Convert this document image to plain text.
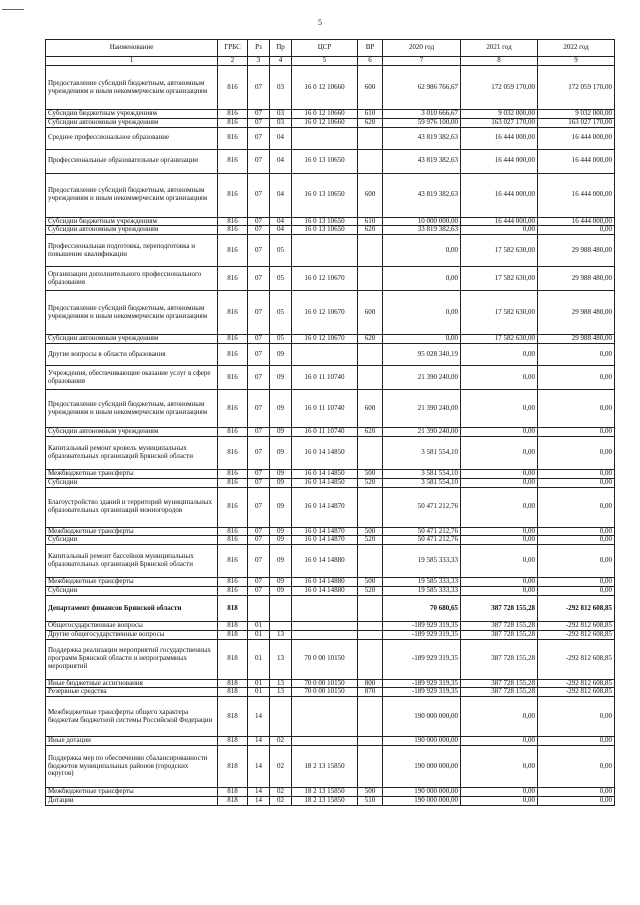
5
Наименование	ГРБС	Рз	Пр	ЦСР	ВР	2020 год	2021 год	2022 год
1	2	3	4	5	6	7	8	9
Предоставление субсидий бюджетным, автономным учреждениям и иным некоммерческим организациям	816	07	03	16 0 12 10660	600	62 986 766,67	172 059 170,00	172 059 170,00
Субсидии бюджетным учреждениям	816	07	03	16 0 12 10660	610	3 010 666,67	9 032 000,00	9 032 000,00
Субсидии автономным учреждениям	816	07	03	16 0 12 10660	620	59 976 100,00	163 027 170,00	163 027 170,00
Среднее профессиональное образование	816	07	04			43 819 382,63	16 444 000,00	16 444 000,00
Профессиональные образовательные организации	816	07	04	16 0 13 10650		43 819 382,63	16 444 000,00	16 444 000,00
Предоставление субсидий бюджетным, автономным учреждениям и иным некоммерческим организациям	816	07	04	16 0 13 10650	600	43 819 382,63	16 444 000,00	16 444 000,00
Субсидии бюджетным учреждениям	816	07	04	16 0 13 10650	610	10 000 000,00	16 444 000,00	16 444 000,00
Субсидии автономным учреждениям	816	07	04	16 0 13 10650	620	33 819 382,63	0,00	0,00
Профессиональная подготовка, переподготовка и повышение квалификации	816	07	05			0,00	17 582 630,00	29 988 480,00
Организации дополнительного профессионального образования	816	07	05	16 0 12 10670		0,00	17 582 630,00	29 988 480,00
Предоставление субсидий бюджетным, автономным учреждениям и иным некоммерческим организациям	816	07	05	16 0 12 10670	600	0,00	17 582 630,00	29 988 480,00
Субсидии автономным учреждениям	816	07	05	16 0 12 10670	620	0,00	17 582 630,00	29 988 480,00
Другие вопросы в области образования	816	07	09			95 028 340,19	0,00	0,00
Учреждения, обеспечивающие оказание услуг в сфере образования	816	07	09	16 0 11 10740		21 390 240,00	0,00	0,00
Предоставление субсидий бюджетным, автономным учреждениям и иным некоммерческим организациям	816	07	09	16 0 11 10740	600	21 390 240,00	0,00	0,00
Субсидии автономным учреждениям	816	07	09	16 0 11 10740	620	21 390 240,00	0,00	0,00
Капитальный ремонт кровель муниципальных образовательных организаций Брянской области	816	07	09	16 0 14 14850		3 581 554,10	0,00	0,00
Межбюджетные трансферты	816	07	09	16 0 14 14850	500	3 581 554,10	0,00	0,00
Субсидии	816	07	09	16 0 14 14850	520	3 581 554,10	0,00	0,00
Благоустройство зданий и территорий муниципальных образовательных организаций монногородов	816	07	09	16 0 14 14870		50 471 212,76	0,00	0,00
Межбюджетные трансферты	816	07	09	16 0 14 14870	500	50 471 212,76	0,00	0,00
Субсидии	816	07	09	16 0 14 14870	520	50 471 212,76	0,00	0,00
Капитальный ремонт бассейнов муниципальных образовательных организаций Брянской области	816	07	09	16 0 14 14880		19 585 333,33	0,00	0,00
Межбюджетные трансферты	816	07	09	16 0 14 14880	500	19 585 333,33	0,00	0,00
Субсидии	816	07	09	16 0 14 14880	520	19 585 333,33	0,00	0,00
Департамент финансов Брянской области	818					70 680,65	387 728 155,28	-292 812 608,85
Общегосударственные вопросы	818	01				-189 929 319,35	387 728 155,28	-292 812 608,85
Другие общегосударственные вопросы	818	01	13			-189 929 319,35	387 728 155,28	-292 812 608,85
Поддержка реализации мероприятий государственных программ Брянской области и непрограммных мероприятий	818	01	13	70 0 00 10150		-189 929 319,35	387 728 155,28	-292 812 608,85
Иные бюджетные ассигнования	818	01	13	70 0 00 10150	800	-189 929 319,35	387 728 155,28	-292 812 608,85
Резервные средства	818	01	13	70 0 00 10150	870	-189 929 319,35	387 728 155,28	-292 812 608,85
Межбюджетные трансферты общего характера бюджетам бюджетной системы Российской Федерации	818	14				190 000 000,00	0,00	0,00
Иные дотации	818	14	02			190 000 000,00	0,00	0,00
Поддержка мер по обеспечению сбалансированности бюджетов муниципальных районов (городских округов)	818	14	02	18 2 13 15850		190 000 000,00	0,00	0,00
Межбюджетные трансферты	818	14	02	18 2 13 15850	500	190 000 000,00	0,00	0,00
Дотации	818	14	02	18 2 13 15850	510	190 000 000,00	0,00	0,00
